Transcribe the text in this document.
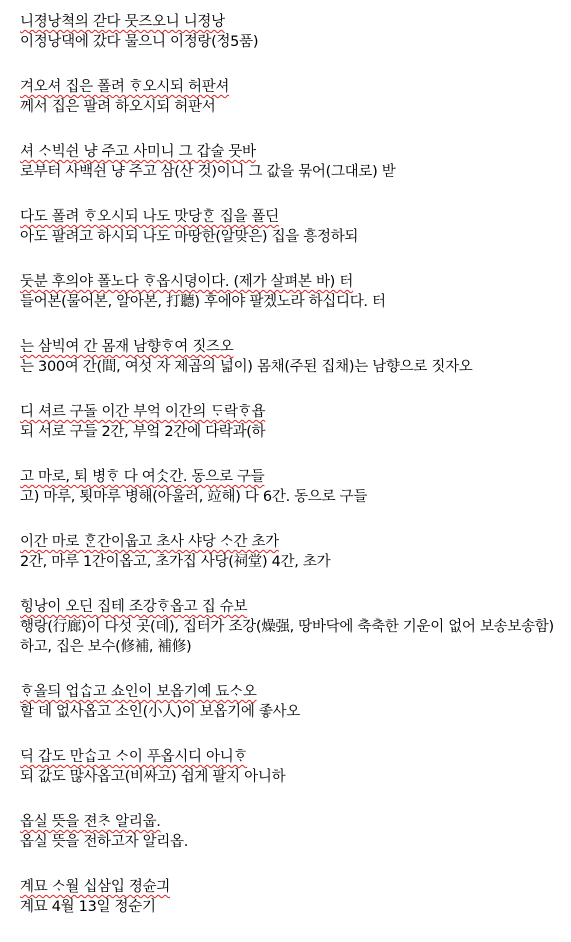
니졍낭쳑의 갇다 뭇즈오니 니졍낭
이정낭댁에 갔다 물으니 이정랑(정5품)
겨오셔 집은 폴려 ᄒᆞ오시되 허판셔
께서 집은 팔려 하오시되 허판서
셔 ᄉᆞ빅쉰 냥 주고 사미니 그 갑술 뭇바
로부터 사백쉰 냥 주고 삼(산 것)이니 그 값을 묶어(그대로) 받
다도 폴려 ᄒᆞ오시되 나도 맛당ᄒᆞᆫ 집을 폴딘
아도 팔려고 하시되 나도 마땅한(알맞은) 집을 흥정하되
둣분 후의야 폴노다 ᄒᆞ옵시뎡이다. (제가 살펴본 바) 터
들어본(물어본, 알아본, 打聽) 후에야 팔겠노라 하십디다. 터
는 삼빅여 간 몸재 남향ᄒᆞ여 짓즈오
는 300여 간(間, 여섯 자 제곱의 넓이) 몸채(주된 집채)는 남향으로 짓자오
디 셔르 구돌 이간 부억 이간의 ᄃᆞ락ᄒᆞ욥
되 서로 구들 2간, 부엌 2간에 다락과(하
고 마로, 퇴 병ᄒᆞ 다 여ᄉᆞᆺ간. 동으로 구들
고) 마루, 툇마루 병해(아울러, 竝해) 다 6간. 동으로 구들
이간 마로 ᄒᆞᆫ간이웁고 초사 샤당 ᄉᆞ간 초가
2간, 마루 1간이옵고, 초가집 사당(祠堂) 4간, 초가
힝낭이 오딘 집테 조강ᄒᆞ옵고 집 슈보
행랑(行廊)이 다섯 곳(데), 집터가 조강(燥强, 땅바닥에 축축한 기운이 없어 보송보송함)하고, 집은 보수(修補, 補修)
ᄒᆞ올듸 업ᄉᆞᆸ고 쇼인이 보옵기예 됴ᄉᆞ오
할 데 없사옵고 소인(小人)이 보옵기에 좋사오
딕 갑도 만ᄉᆞᆸ고 ᄉᆞ이 푸옵시디 아니ᄒᆞ
되 값도 많사옵고(비싸고) 쉽게 팔지 아니하
옵실 뜻을 젼ᄎᆞ 알리웁.
옵실 뜻을 전하고자 알리옵.
계묘 ᄉᆞ월 십삼입 졍슌긔
계묘 4월 13일 정순기
